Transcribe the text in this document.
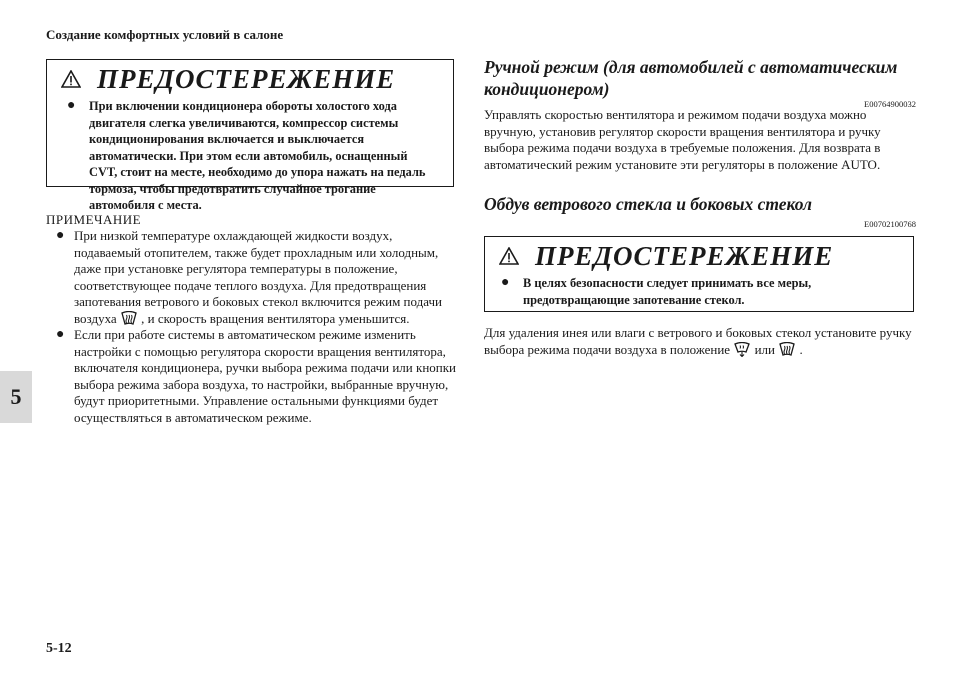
Создание комфортных условий в салоне
5
ПРЕДОСТЕРЕЖЕНИЕ
●	При включении кондиционера обороты холостого хода двигателя слегка увеличиваются, компрессор системы кондиционирования включается и выключается автоматически. При этом если автомобиль, оснащенный CVT, стоит на месте, необходимо до упора нажать на педаль тормоза, чтобы предотвратить случайное трогание автомобиля с места.
ПРИМЕЧАНИЕ
● При низкой температуре охлаждающей жидкости воздух, подаваемый отопителем, также будет прохладным или холодным, даже при установке регулятора температуры в положение, соответствующее подаче теплого воздуха. Для предотвращения запотевания ветрового и боковых стекол включится режим подачи воздуха , и скорость вращения вентилятора уменьшится.
● Если при работе системы в автоматическом режиме изменить настройки с помощью регулятора скорости вращения вентилятора, включателя кондиционера, ручки выбора режима подачи или кнопки выбора режима забора воздуха, то настройки, выбранные вручную, будут приоритетными. Управление остальными функциями будет осуществляться в автоматическом режиме.
Ручной режим (для автомобилей с автоматическим кондиционером)
E00764900032
Управлять скоростью вентилятора и режимом подачи воздуха можно вручную, установив регулятор скорости вращения вентилятора и ручку выбора режима подачи воздуха в требуемые положения. Для возврата в автоматический режим установите эти регуляторы в положение AUTO.
Обдув ветрового стекла и боковых стекол
E00702100768
ПРЕДОСТЕРЕЖЕНИЕ
●	В целях безопасности следует принимать все меры, предотвращающие запотевание стекол.
Для удаления инея или влаги с ветрового и боковых стекол установите ручку выбора режима подачи воздуха в положение или .
5-12
